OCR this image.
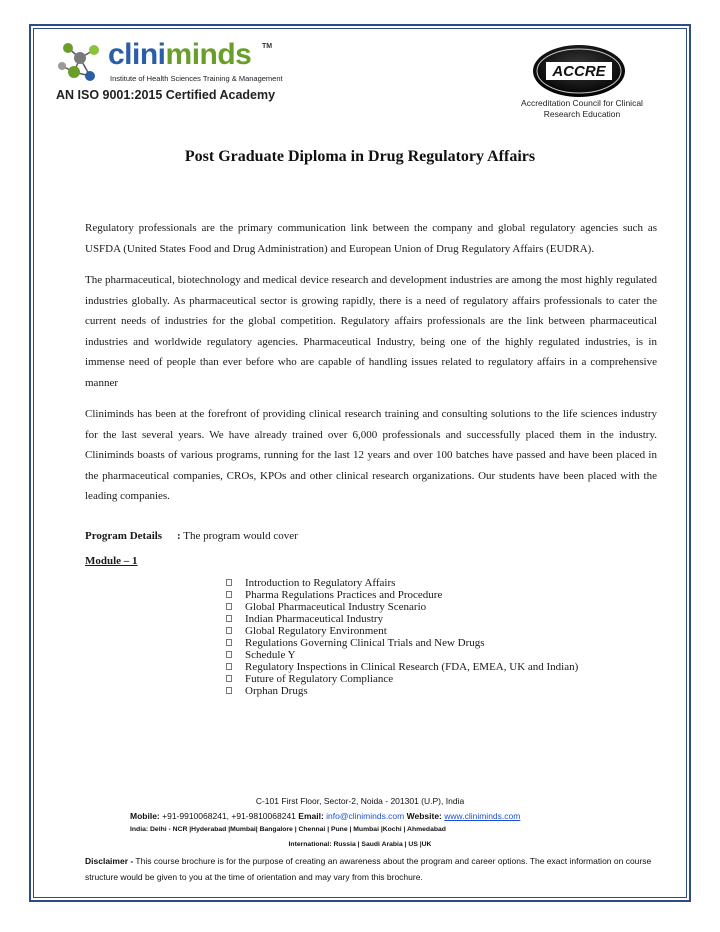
cliniminds TM
Institute of Health Sciences Training & Management
AN ISO 9001:2015 Certified Academy
ACCRE
Accreditation Council for Clinical
Research Education
Post Graduate Diploma in Drug Regulatory Affairs

Regulatory professionals are the primary communication link between the company and global regulatory agencies such as USFDA (United States Food and Drug Administration) and European Union of Drug Regulatory Affairs (EUDRA).

The pharmaceutical, biotechnology and medical device research and development industries are among the most highly regulated industries globally. As pharmaceutical sector is growing rapidly, there is a need of regulatory affairs professionals to cater the current needs of industries for the global competition. Regulatory affairs professionals are the link between pharmaceutical industries and worldwide regulatory agencies. Pharmaceutical Industry, being one of the highly regulated industries, is in immense need of people than ever before who are capable of handling issues related to regulatory affairs in a comprehensive manner

Cliniminds has been at the forefront of providing clinical research training and consulting solutions to the life sciences industry for the last several years. We have already trained over 6,000 professionals and successfully placed them in the industry. Cliniminds boasts of various programs, running for the last 12 years and over 100 batches have passed and have been placed in the pharmaceutical companies, CROs, KPOs and other clinical research organizations. Our students have been placed with the leading companies.

Program Details : The program would cover
Module – 1
Introduction to Regulatory Affairs
Pharma Regulations Practices and Procedure
Global Pharmaceutical Industry Scenario
Indian Pharmaceutical Industry
Global Regulatory Environment
Regulations Governing Clinical Trials and New Drugs
Schedule Y
Regulatory Inspections in Clinical Research (FDA, EMEA, UK and Indian)
Future of Regulatory Compliance
Orphan Drugs
C-101 First Floor, Sector-2, Noida - 201301 (U.P), India
Mobile: +91-9910068241, +91-9810068241 Email: info@cliniminds.com Website: www.cliniminds.com
India: Delhi - NCR |Hyderabad |Mumbai| Bangalore | Chennai | Pune | Mumbai |Kochi | Ahmedabad
International: Russia | Saudi Arabia | US |UK
Disclaimer - This course brochure is for the purpose of creating an awareness about the program and career options. The exact information on course structure would be given to you at the time of orientation and may vary from this brochure.
